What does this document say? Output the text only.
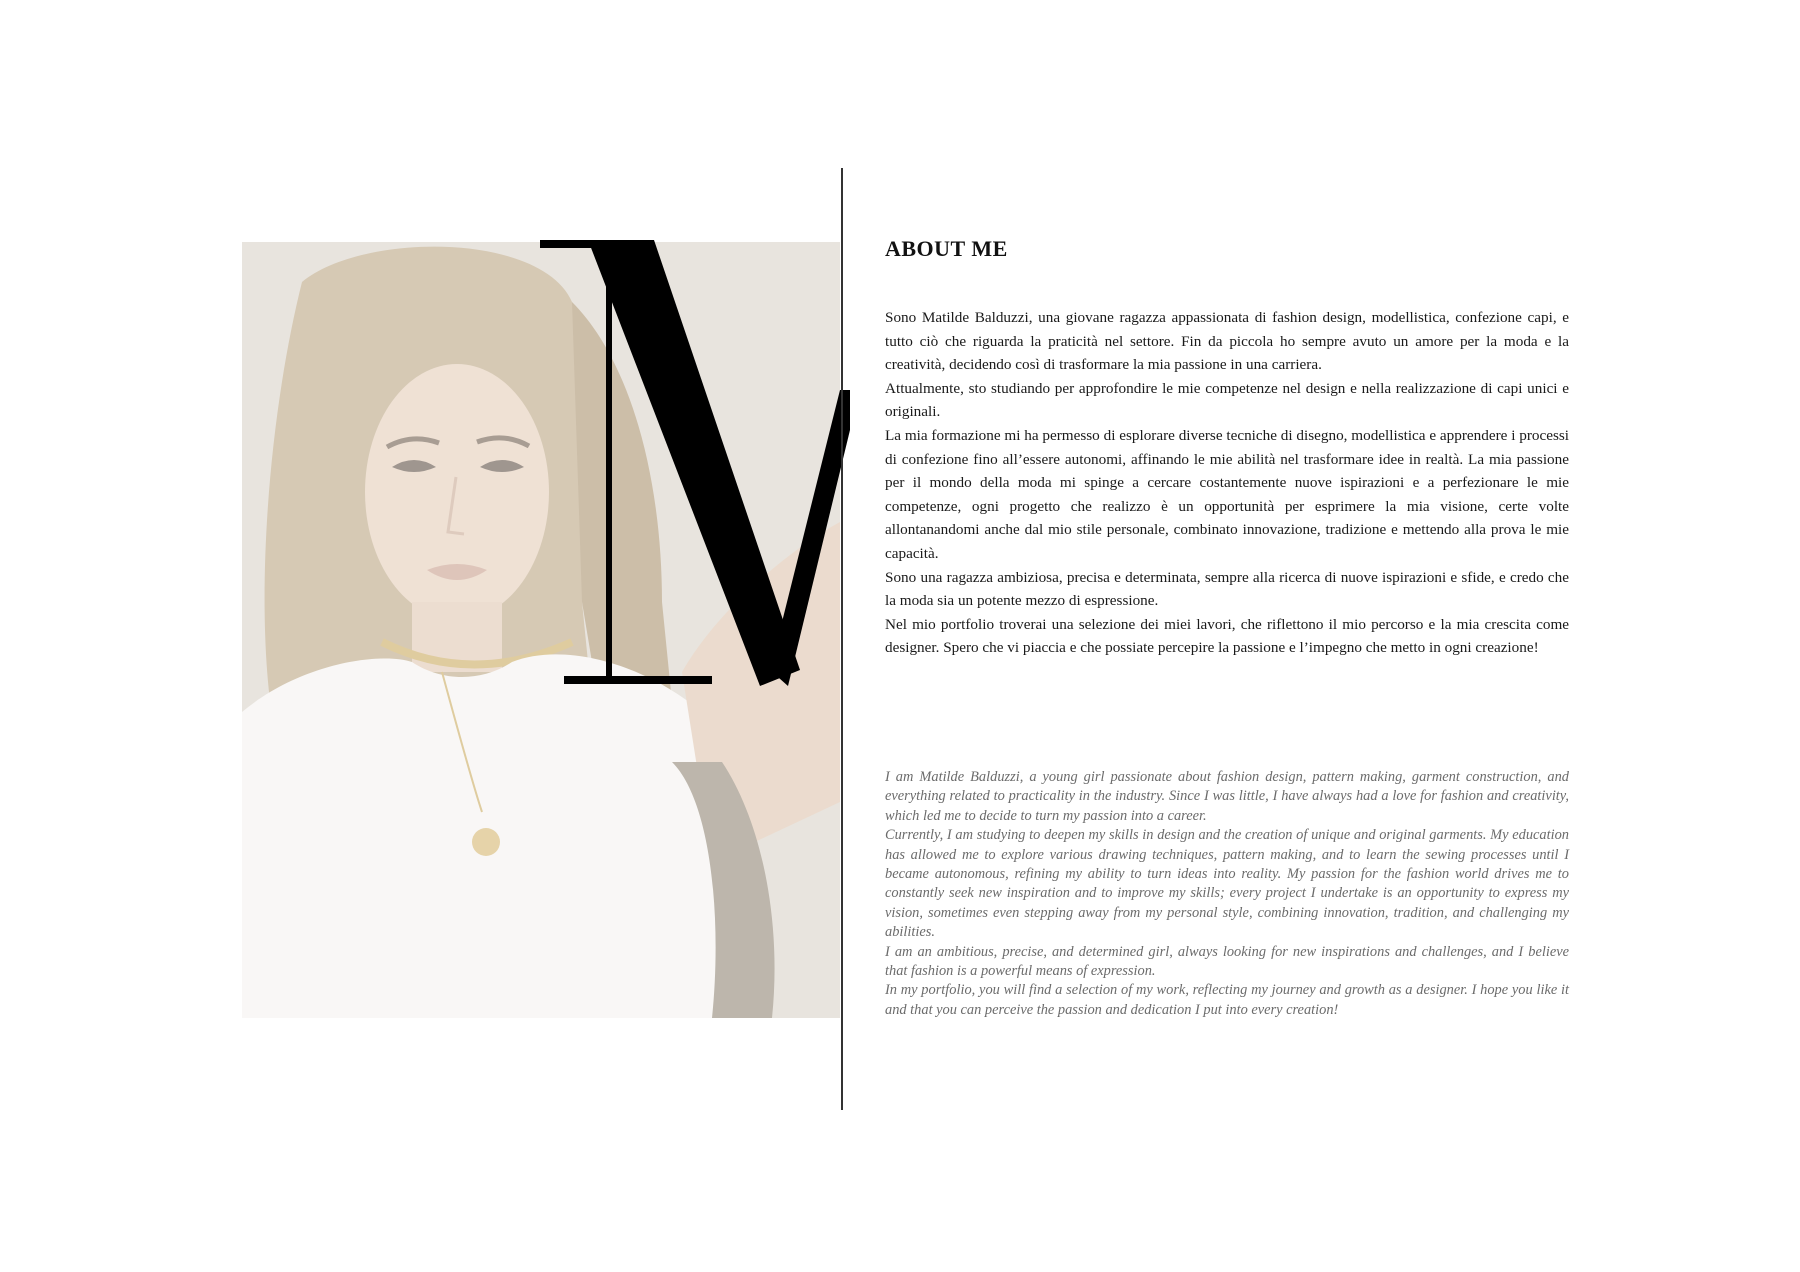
ABOUT ME

Sono Matilde Balduzzi, una giovane ragazza appassionata di fashion design, modellistica, confezione capi, e tutto ciò che riguarda la praticità nel settore. Fin da piccola ho sempre avuto un amore per la moda e la creatività, decidendo così di trasformare la mia passione in una carriera.

Attualmente, sto studiando per approfondire le mie competenze nel design e nella realizzazione di capi unici e originali.

La mia formazione mi ha permesso di esplorare diverse tecniche di disegno, modellistica e apprendere i processi di confezione fino all’essere autonomi, affinando le mie abilità nel trasformare idee in realtà. La mia passione per il mondo della moda mi spinge a cercare costantemente nuove ispirazioni e a perfezionare le mie competenze, ogni progetto che realizzo è un opportunità per esprimere la mia visione, certe volte allontanandomi anche dal mio stile personale, combinato innovazione, tradizione e mettendo alla prova le mie capacità.

Sono una ragazza ambiziosa, precisa e determinata, sempre alla ricerca di nuove ispirazioni e sfide, e credo che la moda sia un potente mezzo di espressione.

Nel mio portfolio troverai una selezione dei miei lavori, che riflettono il mio percorso e la mia crescita come designer. Spero che vi piaccia e che possiate percepire la passione e l’impegno che metto in ogni creazione!

I am Matilde Balduzzi, a young girl passionate about fashion design, pattern making, garment construction, and everything related to practicality in the industry. Since I was little, I have always had a love for fashion and creativity, which led me to decide to turn my passion into a career.

Currently, I am studying to deepen my skills in design and the creation of unique and original garments. My education has allowed me to explore various drawing techniques, pattern making, and to learn the sewing processes until I became autonomous, refining my ability to turn ideas into reality. My passion for the fashion world drives me to constantly seek new inspiration and to improve my skills; every project I undertake is an opportunity to express my vision, sometimes even stepping away from my personal style, combining innovation, tradition, and challenging my abilities.

I am an ambitious, precise, and determined girl, always looking for new inspirations and challenges, and I believe that fashion is a powerful means of expression.

In my portfolio, you will find a selection of my work, reflecting my journey and growth as a designer. I hope you like it and that you can perceive the passion and dedication I put into every creation!
